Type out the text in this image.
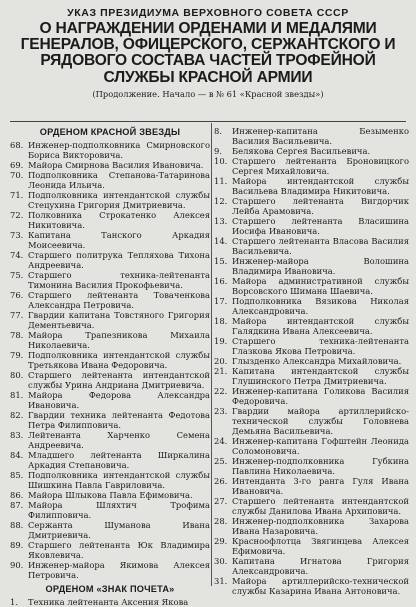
УКАЗ ПРЕЗИДИУМА ВЕРХОВНОГО СОВЕТА СССР
О НАГРАЖДЕНИИ ОРДЕНАМИ И МЕДАЛЯМИ ГЕНЕРАЛОВ, ОФИЦЕРСКОГО, СЕРЖАНТСКОГО И РЯДОВОГО СОСТАВА ЧАСТЕЙ ТРОФЕЙНОЙ СЛУЖБЫ КРАСНОЙ АРМИИ
(Продолжение. Начало — в № 61 «Красной звезды»)
ОРДЕНОМ КРАСНОЙ ЗВЕЗДЫ
68. Инженер-подполковника Смирновского Бориса Викторовича.
69. Майора Смирнова Василия Ивановича.
70. Подполковника Степанова-Татаринова Леонида Ильича.
71. Подполковника интендантской службы Стецухина Григория Дмитриевича.
72. Полковника Строкатенко Алексея Никитовича.
73. Капитана Танского Аркадия Моисеевича.
74. Старшего политрука Тепляхова Тихона Андреевича.
75. Старшего техника-лейтенанта Тимонина Василия Прокофьевича.
76. Старшего лейтенанта Товаченкова Александра Петровича.
77. Гвардии капитана Товстяного Григория Дементьевича.
78. Майора Трапезникова Михаила Николаевича.
79. Подполковника интендантской службы Третьякова Ивана Федоровича.
80. Старшего лейтенанта интендантской службы Урина Андриана Дмитриевича.
81. Майора Федорова Александра Ивановича.
82. Гвардии техника лейтенанта Федотова Петра Филипповича.
83. Лейтенанта Харченко Семена Андреевича.
84. Младшего лейтенанта Ширкалина Аркадия Степановича.
85. Подполковника интендантской службы Шишкина Павла Гавриловича.
86. Майора Шлыкова Павла Ефимовича.
87. Майора Шляхтич Трофима Филипповича.
88. Сержанта Шуманова Ивана Дмитриевича.
89. Старшего лейтенанта Юк Владимира Яковлевича.
90. Инженер-майора Якимова Алексея Петровича.
ОРДЕНОМ «ЗНАК ПОЧЕТА»
1.	Техника лейтенанта Аксения Якова
8.	Инженер-капитана Безыменко Василия Васильевича.
9.	Белякова Сергея Васильевича.
10. Старшего лейтенанта Броновицкого Сергея Михайловича.
11. Майора интендантской службы Васильева Владимира Никитовича.
12. Старшего лейтенанта Вигдорчик Лейба Арамовича.
13. Старшего лейтенанта Власишина Иосифа Ивановича.
14. Старшего лейтенанта Власова Василия Васильевича.
15. Инженер-майора Волошина Владимира Ивановича.
16. Майора административной службы Ворсовского Шимана Шаевича.
17. Подполковника Вязикова Николая Александровича.
18. Майора интендантской службы Галядкина Ивана Алексеевича.
19. Старшего техника-лейтенанта Глазкова Якова Петровича.
20. Глызденко Александра Михайловича.
21. Капитана интендантской службы Глушинского Петра Дмитриевича.
22. Инженер-капитана Голикова Василия Федоровича.
23. Гвардии майора артиллерийско-технической службы Головнева Демьяна Васильевича.
24. Инженер-капитана Гофштейн Леонида Соломоновича.
25. Инженер-подполковника Губкина Павлина Николаевича.
26. Интенданта 3-го ранга Гуля Ивана Ивановича.
27. Старшего лейтенанта интендантской службы Данилова Ивана Архиповича.
28. Инженер-подполковника Захарова Ивана Назаровича.
29. Красноофлотца Звягинцева Алексея Ефимовича.
30. Капитана Игнатова Григория Александровича.
31. Майора артиллерийско-технической службы Казарина Ивана Антоновича.
